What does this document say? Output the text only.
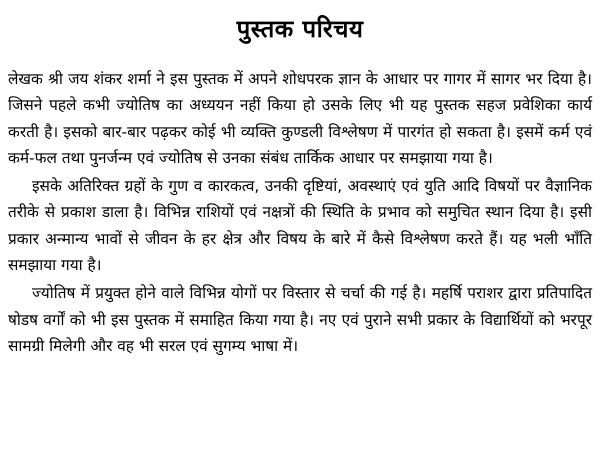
पुस्तक परिचय

लेखक श्री जय शंकर शर्मा ने इस पुस्तक में अपने शोधपरक ज्ञान के आधार पर गागर में सागर भर दिया है। जिसने पहले कभी ज्योतिष का अध्ययन नहीं किया हो उसके लिए भी यह पुस्तक सहज प्रवेशिका कार्य करती है। इसको बार-बार पढ़कर कोई भी व्यक्ति कुण्डली विश्लेषण में पारगंत हो सकता है। इसमें कर्म एवं कर्म-फल तथा पुनर्जन्म एवं ज्योतिष से उनका संबंध तार्किक आधार पर समझाया गया है।

इसके अतिरिक्त ग्रहों के गुण व कारकत्व, उनकी दृष्टियां, अवस्थाएं एवं युति आदि विषयों पर वैज्ञानिक तरीके से प्रकाश डाला है। विभिन्न राशियों एवं नक्षत्रों की स्थिति के प्रभाव को समुचित स्थान दिया है। इसी प्रकार अन्मान्य भावों से जीवन के हर क्षेत्र और विषय के बारे में कैसे विश्लेषण करते हैं। यह भली भाँति समझाया गया है।

ज्योतिष में प्रयुक्त होने वाले विभिन्न योगों पर विस्तार से चर्चा की गई है। महर्षि पराशर द्वारा प्रतिपादित षोडष वर्गों को भी इस पुस्तक में समाहित किया गया है। नए एवं पुराने सभी प्रकार के विद्यार्थियों को भरपूर सामग्री मिलेगी और वह भी सरल एवं सुगम्य भाषा में।
